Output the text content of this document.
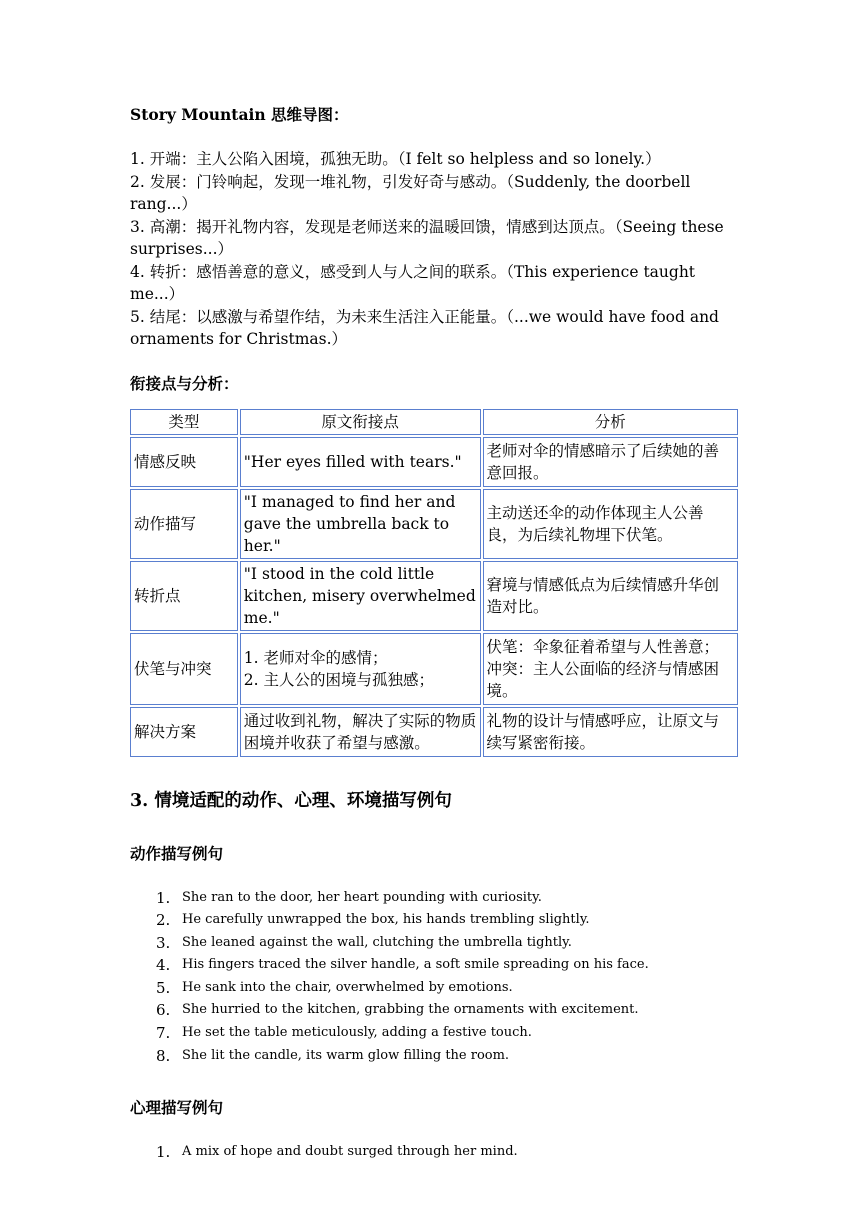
Story Mountain 思维导图：

1. 开端：主人公陷入困境，孤独无助。（I felt so helpless and so lonely.）
2. 发展：门铃响起，发现一堆礼物，引发好奇与感动。（Suddenly, the doorbell rang...）
3. 高潮：揭开礼物内容，发现是老师送来的温暖回馈，情感到达顶点。（Seeing these surprises...）
4. 转折：感悟善意的意义，感受到人与人之间的联系。（This experience taught me...）
5. 结尾：以感激与希望作结，为未来生活注入正能量。（...we would have food and ornaments for Christmas.）

衔接点与分析：

类型	原文衔接点	分析
情感反映	"Her eyes filled with tears."	老师对伞的情感暗示了后续她的善意回报。
动作描写	"I managed to find her and gave the umbrella back to her."	主动送还伞的动作体现主人公善良，为后续礼物埋下伏笔。
转折点	"I stood in the cold little kitchen, misery overwhelmed me."	窘境与情感低点为后续情感升华创造对比。
伏笔与冲突	1. 老师对伞的感情；
2. 主人公的困境与孤独感；	伏笔：伞象征着希望与人性善意；冲突：主人公面临的经济与情感困境。
解决方案	通过收到礼物，解决了实际的物质困境并收获了希望与感激。	礼物的设计与情感呼应，让原文与续写紧密衔接。

3. 情境适配的动作、心理、环境描写例句

动作描写例句

1. She ran to the door, her heart pounding with curiosity.
2. He carefully unwrapped the box, his hands trembling slightly.
3. She leaned against the wall, clutching the umbrella tightly.
4. His fingers traced the silver handle, a soft smile spreading on his face.
5. He sank into the chair, overwhelmed by emotions.
6. She hurried to the kitchen, grabbing the ornaments with excitement.
7. He set the table meticulously, adding a festive touch.
8. She lit the candle, its warm glow filling the room.

心理描写例句

1. A mix of hope and doubt surged through her mind.
